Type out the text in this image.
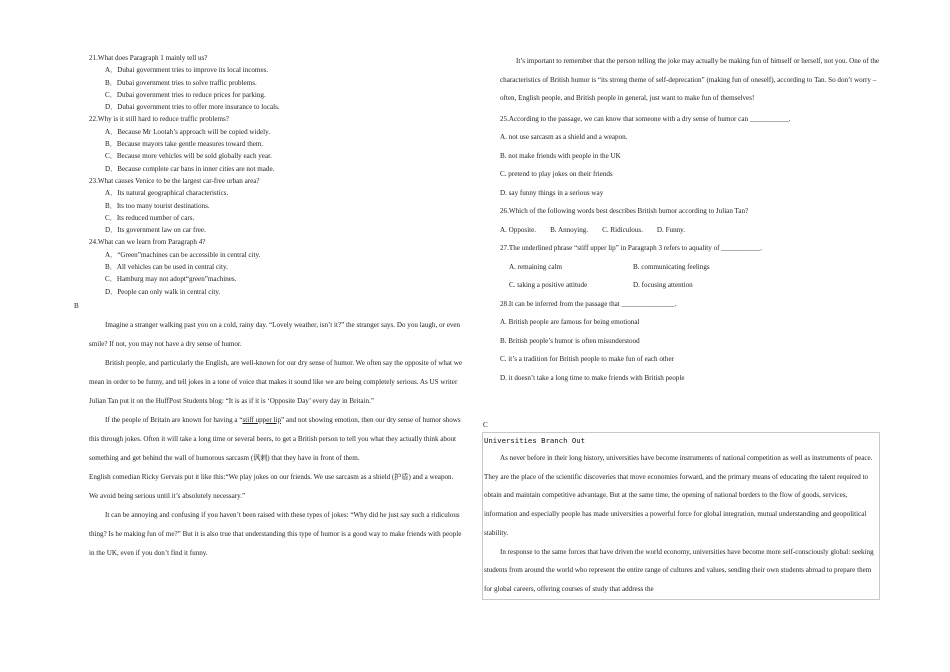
21.What does Paragraph 1 mainly tell us?
A．Dubai government tries to improve its local incomes.
B．Dubai government tries to solve traffic problems.
C．Dubai government tries to reduce prices for parking.
D．Dubai government tries to offer more insurance to locals.
22.Why is it still hard to reduce traffic problems?
A．Because Mr Lootah’s approach will be copied widely.
B．Because mayors take gentle measures toward them.
C．Because more vehicles will be sold globally each year.
D．Because complete car bans in inner cities are not made.
23.What causes Venice to be the largest car-free urban area?
A．Its natural geographical characteristics.
B．Its too many tourist destinations.
C．Its reduced number of cars.
D．Its government law on car free.
24.What can we learn from Paragraph 4?
A．“Green”machines can be accessible in central city.
B．All vehicles can be used in central city.
C．Hamburg may not adopt“green”machines.
D．People can only walk in central city.
B
Imagine a stranger walking past you on a cold, rainy day. “Lovely weather, isn’t it?” the stranger says. Do you laugh, or even smile? If not, you may not have a dry sense of humor.
British people, and particularly the English, are well-known for our dry sense of humor. We often say the opposite of what we mean in order to be funny, and tell jokes in a tone of voice that makes it sound like we are being completely serious. As US writer Julian Tan put it on the HuffPost Students blog: “It is as if it is ‘Opposite Day’ every day in Britain.”
If the people of Britain are known for having a “stiff upper lip” and not showing emotion, then our dry sense of humor shows this through jokes. Often it will take a long time or several beers, to get a British person to tell you what they actually think about something and get behind the wall of humorous sarcasm (讽刺) that they have in front of them.
English comedian Ricky Gervais put it like this:“We play jokes on our friends. We use sarcasm as a shield (护盾) and a weapon. We avoid being serious until it’s absolutely necessary.”
It can be annoying and confusing if you haven’t been raised with these types of jokes: “Why did he just say such a ridiculous thing? Is he making fun of me?” But it is also true that understanding this type of humor is a good way to make friends with people in the UK, even if you don’t find it funny.
It’s important to remember that the person telling the joke may actually be making fun of himself or herself, not you. One of the characteristics of British humor is “its strong theme of self-deprecation” (making fun of oneself), according to Tan. So don’t worry –often, English people, and British people in general, just want to make fun of themselves!
25.According to the passage, we can know that someone with a dry sense of humor can ___________.
A. not use sarcasm as a shield and a weapon.
B. not make friends with people in the UK
C. pretend to play jokes on their friends
D. say funny things in a serious way
26.Which of the following words best describes British humor according to Julian Tan?
A. Opposite. B. Annoying. C. Ridiculous. D. Funny.
27.The underlined phrase “stiff upper lip” in Paragraph 3 refers to aquality of ___________.
A. remaining calm	B. communicating feelings
C. taking a positive attitude	D. focusing attention
28.It can be inferred from the passage that _______________.
A. British people are famous for being emotional
B. British people’s humor is often misunderstood
C. it’s a tradition for British people to make fun of each other
D. it doesn’t take a long time to make friends with British people
C
Universities Branch Out
As never before in their long history, universities have become instruments of national competition as well as instruments of peace. They are the place of the scientific discoveries that move economies forward, and the primary means of educating the talent required to obtain and maintain competitive advantage. But at the same time, the opening of national borders to the flow of goods, services, information and especially people has made universities a powerful force for global integration, mutual understanding and geopolitical stability.
In response to the same forces that have driven the world economy, universities have become more self-consciously global: seeking students from around the world who represent the entire range of cultures and values, sending their own students abroad to prepare them for global careers, offering courses of study that address the
